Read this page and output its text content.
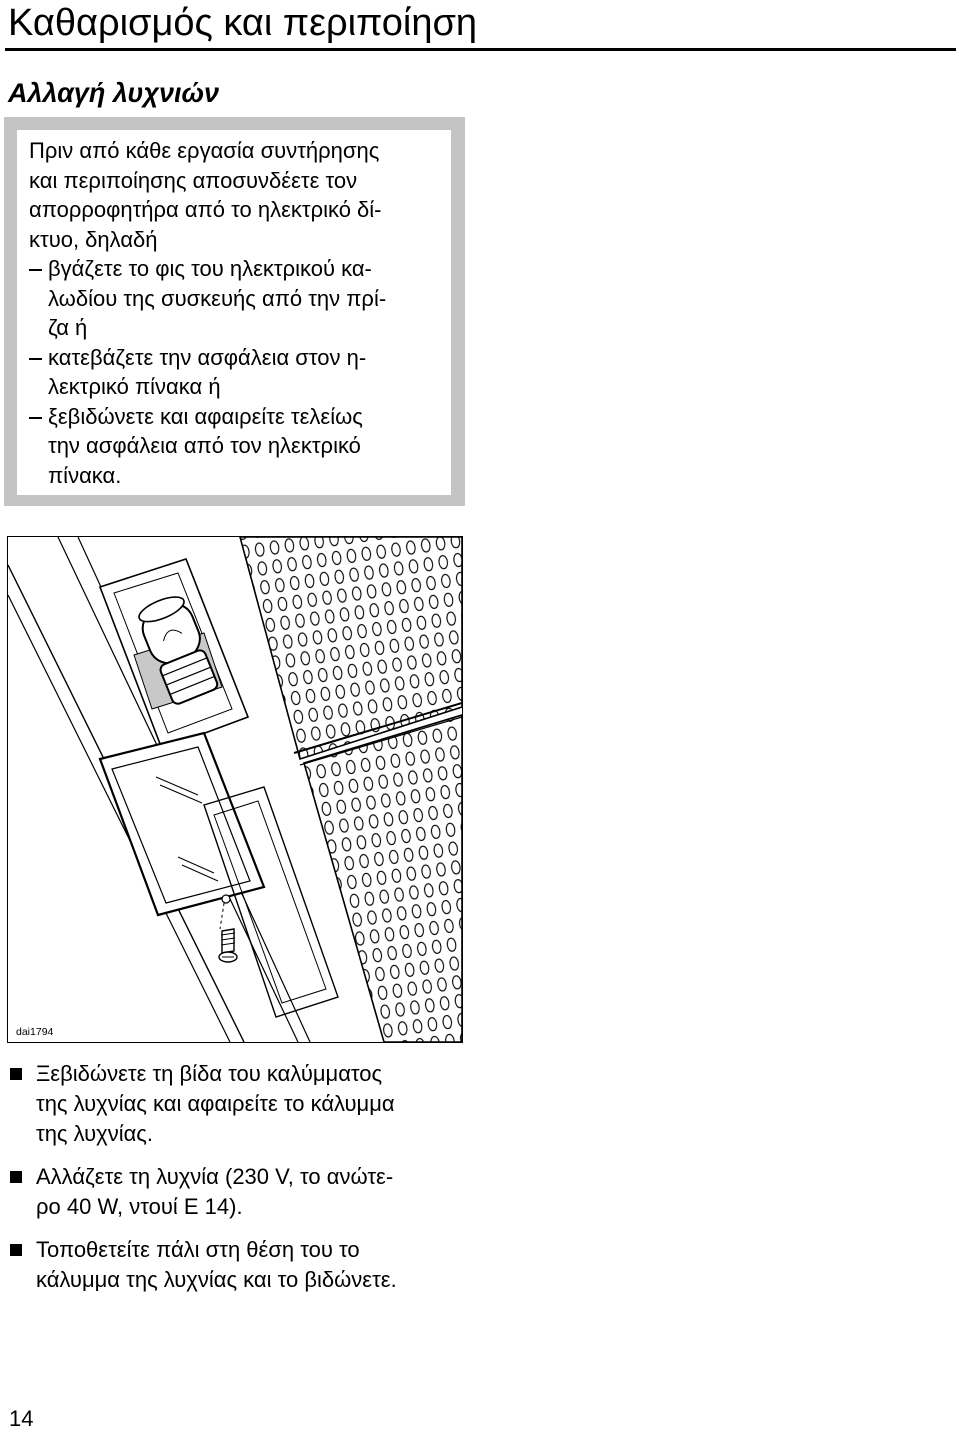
Καθαρισμός και περιποίηση
Αλλαγή λυχνιών
Πριν από κάθε εργασία συντήρησης
και περιποίησης αποσυνδέετε τον
απορροφητήρα από το ηλεκτρικό δί-
κτυο, δηλαδή
βγάζετε το φις του ηλεκτρικού κα-
λωδίου της συσκευής από την πρί-
ζα ή
κατεβάζετε την ασφάλεια στον η-
λεκτρικό πίνακα ή
ξεβιδώνετε και αφαιρείτε τελείως
την ασφάλεια από τον ηλεκτρικό
πίνακα.
dai1794
Ξεβιδώνετε τη βίδα του καλύμματος
της λυχνίας και αφαιρείτε το κάλυμμα
της λυχνίας.
Αλλάζετε τη λυχνία (230 V, το ανώτε-
ρο 40 W, ντουί E 14).
Τοποθετείτε πάλι στη θέση του το
κάλυμμα της λυχνίας και το βιδώνετε.
14
